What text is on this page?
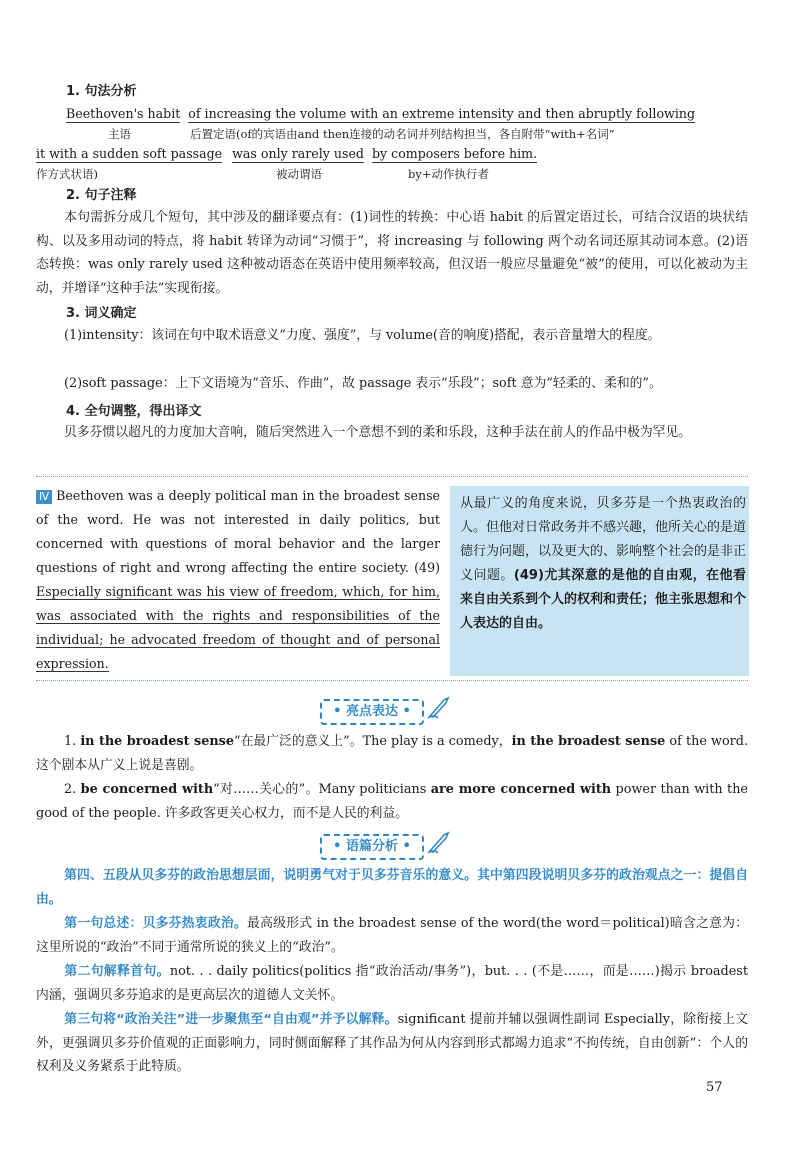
1. 句法分析
Beethoven's habit of increasing the volume with an extreme intensity and then abruptly following
主语	后置定语(of的宾语由and then连接的动名词并列结构担当，各自附带“with+名词”
it with a sudden soft passage was only rarely used by composers before him.
作方式状语)	被动谓语	by+动作执行者
2. 句子注释
本句需拆分成几个短句，其中涉及的翻译要点有：(1)词性的转换：中心语 habit 的后置定语过长，可结合汉语的块状结构、以及多用动词的特点，将 habit 转译为动词“习惯于”，将 increasing 与 following 两个动名词还原其动词本意。(2)语态转换：was only rarely used 这种被动语态在英语中使用频率较高，但汉语一般应尽量避免“被”的使用，可以化被动为主动，并增译“这种手法”实现衔接。
3. 词义确定
(1)intensity：该词在句中取术语意义“力度、强度”，与 volume(音的响度)搭配，表示音量增大的程度。
(2)soft passage：上下文语境为“音乐、作曲”，故 passage 表示“乐段”；soft 意为“轻柔的、柔和的”。
4. 全句调整，得出译文
贝多芬惯以超凡的力度加大音响，随后突然进入一个意想不到的柔和乐段，这种手法在前人的作品中极为罕见。
Ⅳ Beethoven was a deeply political man in the broadest sense of the word. He was not interested in daily politics, but concerned with questions of moral behavior and the larger questions of right and wrong affecting the entire society. (49) Especially significant was his view of freedom, which, for him, was associated with the rights and responsibilities of the individual; he advocated freedom of thought and of personal expression.
从最广义的角度来说，贝多芬是一个热衷政治的人。但他对日常政务并不感兴趣，他所关心的是道德行为问题，以及更大的、影响整个社会的是非正义问题。(49)尤其深意的是他的自由观，在他看来自由关系到个人的权利和责任；他主张思想和个人表达的自由。
• 亮点表达 •
1. in the broadest sense“在最广泛的意义上”。The play is a comedy，in the broadest sense of the word. 这个剧本从广义上说是喜剧。
2. be concerned with“对……关心的”。Many politicians are more concerned with power than with the good of the people. 许多政客更关心权力，而不是人民的利益。
• 语篇分析 •
第四、五段从贝多芬的政治思想层面，说明勇气对于贝多芬音乐的意义。其中第四段说明贝多芬的政治观点之一：提倡自由。
第一句总述：贝多芬热衷政治。最高级形式 in the broadest sense of the word(the word＝political)暗含之意为：这里所说的“政治”不同于通常所说的狭义上的“政治”。
第二句解释首句。not. . . daily politics(politics 指“政治活动/事务”)，but. . . (不是……，而是……)揭示 broadest 内涵，强调贝多芬追求的是更高层次的道德人文关怀。
第三句将“政治关注”进一步聚焦至“自由观”并予以解释。significant 提前并辅以强调性副词 Especially，除衔接上文外，更强调贝多芬价值观的正面影响力，同时侧面解释了其作品为何从内容到形式都竭力追求“不拘传统，自由创新”：个人的权利及义务紧系于此特质。
57
